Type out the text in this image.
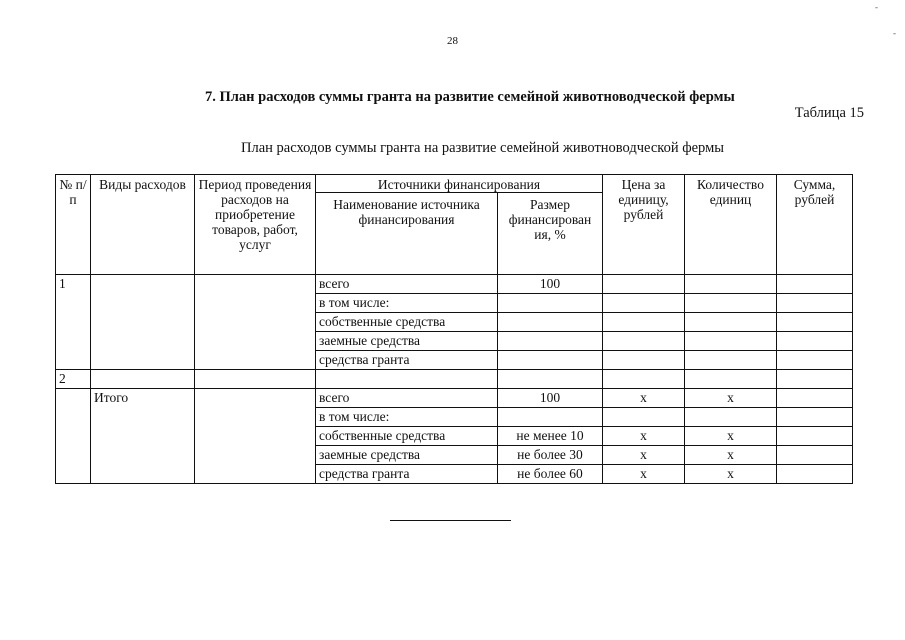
28
7. План расходов суммы гранта на развитие семейной животноводческой фермы
Таблица 15
План расходов суммы гранта на развитие семейной животноводческой фермы
№ п/п	Виды расходов	Период проведения расходов на приобретение товаров, работ, услуг	Источники финансирования		Цена за единицу, рублей	Количество единиц	Сумма, рублей
			Наименование источника финансирования	Размер финансирован ия, %			
1			всего	100			
			в том числе:				
			собственные средства				
			заемные средства				
			средства гранта				
2							
	Итого		всего	100	х	х	
			в том числе:				
			собственные средства	не менее 10	х	х	
			заемные средства	не более 30	х	х	
			средства гранта	не более 60	х	х	
-
-
